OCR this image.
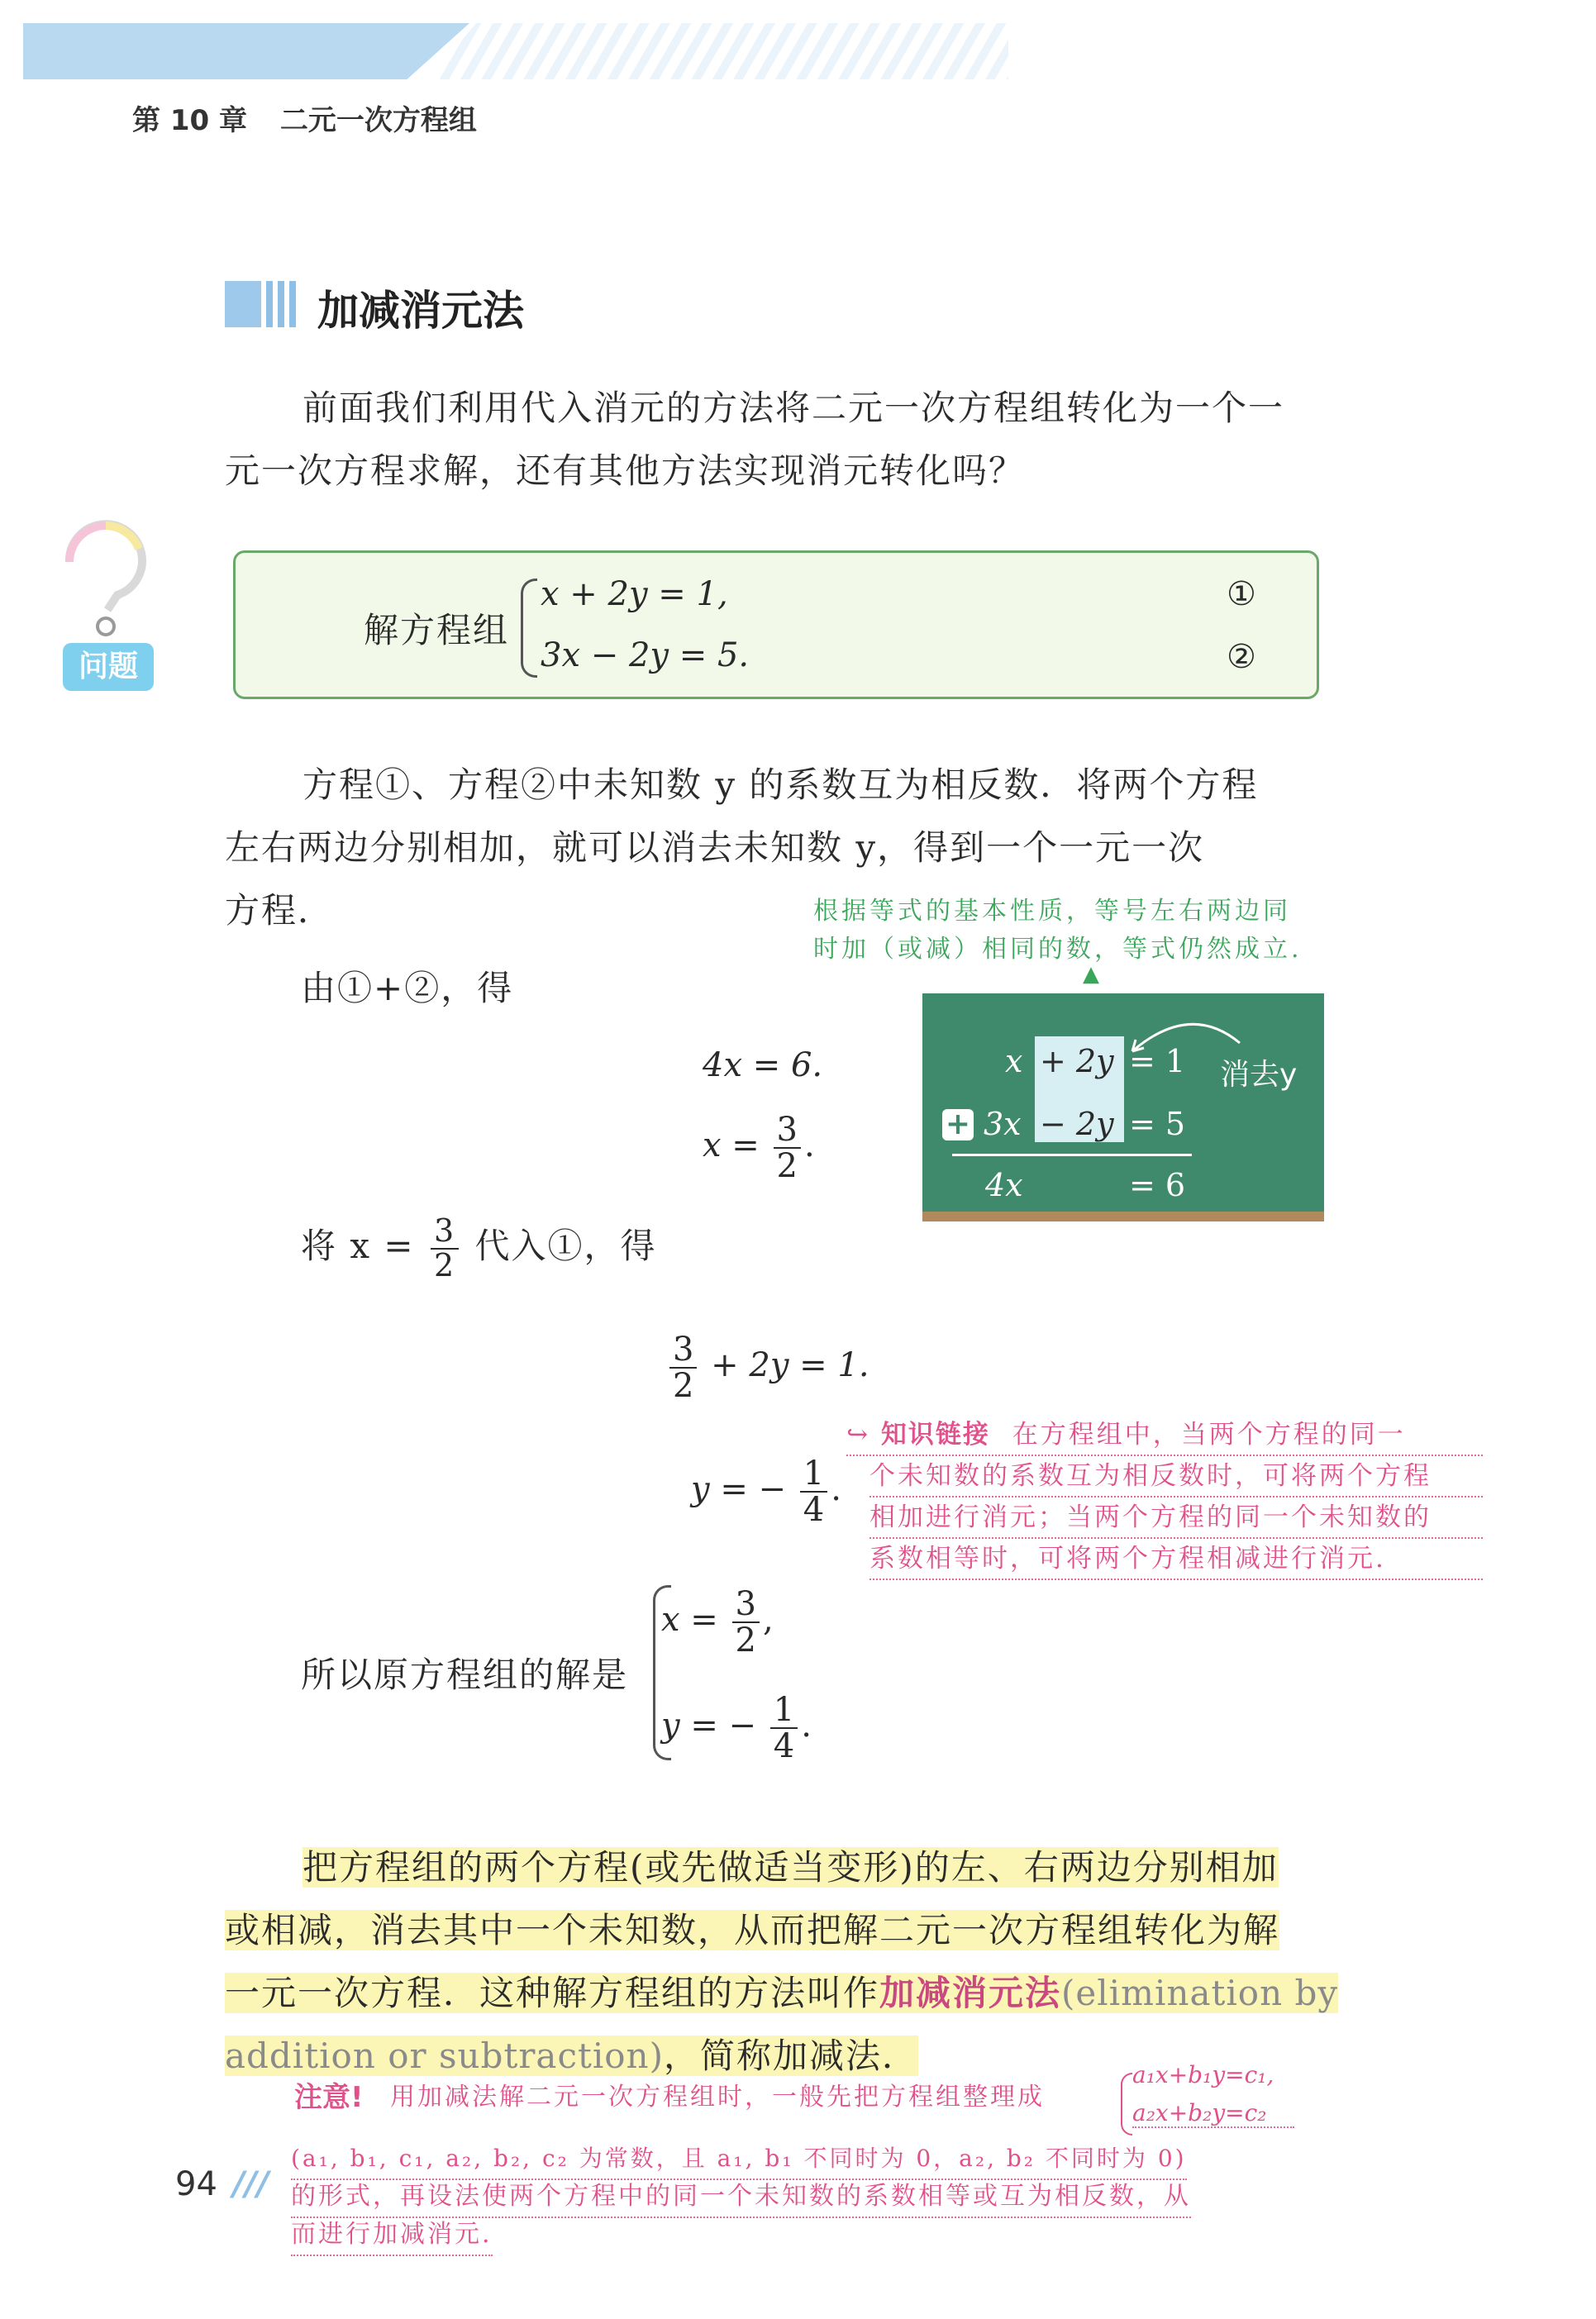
第 10 章 二元一次方程组
加减消元法
前面我们利用代入消元的方法将二元一次方程组转化为一个一
元一次方程求解，还有其他方法实现消元转化吗？
问题
解方程组
x + 2y = 1,
3x − 2y = 5.
①
②
方程①、方程②中未知数 y 的系数互为相反数．将两个方程
左右两边分别相加，就可以消去未知数 y，得到一个一元一次
方程．	根据等式的基本性质，等号左右两边同
时加（或减）相同的数，等式仍然成立.
▲
由①+②，得
4x = 6.
$x = \frac{3}{2}$ .
x + 2y = 1 消去y
+ 3x − 2y = 5
4x	= 6
将 $x = \frac{3}{2}$ 代入①，得
$\frac{3}{2} + 2y = 1$.
y = − $\frac{1}{4}$ .
↪ 知识链接 在方程组中，当两个方程的同一
个未知数的系数互为相反数时，可将两个方程
相加进行消元；当两个方程的同一个未知数的
系数相等时，可将两个方程相减进行消元.
所以原方程组的解是
$x = \frac{3}{2}$ ,
y = − $\frac{1}{4}$ .
把方程组的两个方程(或先做适当变形)的左、右两边分别相加
或相减，消去其中一个未知数，从而把解二元一次方程组转化为解
一元一次方程．这种解方程组的方法叫作加减消元法(elimination by
addition or subtraction)，简称加减法．
注意! 用加减法解二元一次方程组时，一般先把方程组整理成
a₁x+b₁y=c₁,
a₂x+b₂y=c₂
(a₁, b₁, c₁, a₂, b₂, c₂ 为常数，且 a₁, b₁ 不同时为 0，a₂, b₂ 不同时为 0)
的形式，再设法使两个方程中的同一个未知数的系数相等或互为相反数，从
而进行加减消元.
94 ///
